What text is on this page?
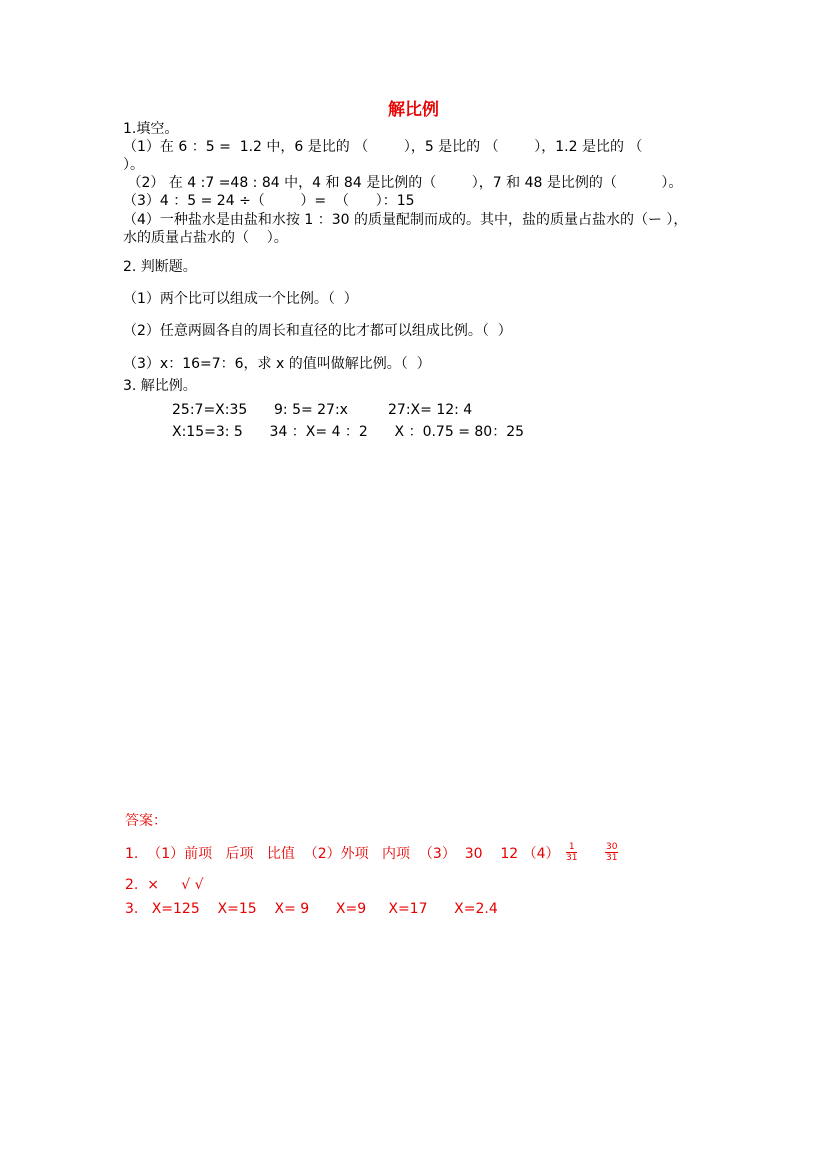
解比例
1.填空。
（1）在 6 ：5 =  1.2 中，6 是比的 （        ），5 是比的 （        ），1.2 是比的 （
）。
（2） 在 4 :7 =48 : 84 中，4 和 84 是比例的（        ），7 和 48 是比例的（          ）。
（3）4 ：5 = 24 ÷（        ）=  （      ）：15
（4）一种盐水是由盐和水按 1 ：30 的质量配制而成的。其中，盐的质量占盐水的（ー ），
水的质量占盐水的（    ）。
2. 判断题。
（1）两个比可以组成一个比例。（  ）
（2）任意两圆各自的周长和直径的比才都可以组成比例。（  ）
（3）x：16=7：6，求 x 的值叫做解比例。（  ）
3. 解比例。
25:7=X:35      9: 5= 27:x         27:X= 12: 4
X:15=3: 5      34 ：X= 4 ：2      X ：0.75 = 80：25
答案：
1.  （1）前项   后项   比值  （2）外项   内项  （3）  30    12 $(4) \frac{1}{31}$	$\frac{30}{31}$
2.  ×     √ √
3.   X=125    X=15    X= 9      X=9     X=17      X=2.4
